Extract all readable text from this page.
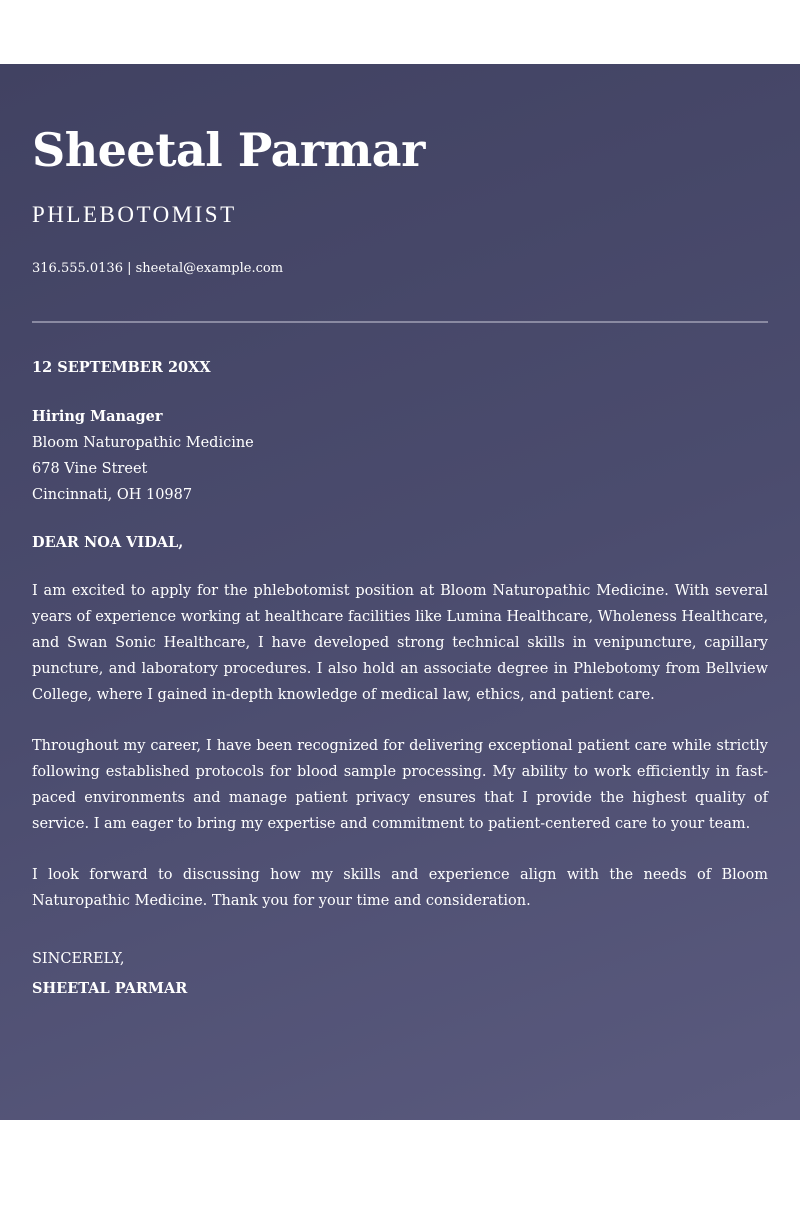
Sheetal Parmar
PHLEBOTOMIST
316.555.0136 | sheetal@example.com
12 SEPTEMBER 20XX
Hiring Manager
Bloom Naturopathic Medicine
678 Vine Street
Cincinnati, OH 10987
DEAR NOA VIDAL,

I am excited to apply for the phlebotomist position at Bloom Naturopathic Medicine. With several years of experience working at healthcare facilities like Lumina Healthcare, Wholeness Healthcare, and Swan Sonic Healthcare, I have developed strong technical skills in venipuncture, capillary puncture, and laboratory procedures. I also hold an associate degree in Phlebotomy from Bellview College, where I gained in-depth knowledge of medical law, ethics, and patient care.

Throughout my career, I have been recognized for delivering exceptional patient care while strictly following established protocols for blood sample processing. My ability to work efficiently in fast-paced environments and manage patient privacy ensures that I provide the highest quality of service. I am eager to bring my expertise and commitment to patient-centered care to your team.

I look forward to discussing how my skills and experience align with the needs of Bloom Naturopathic Medicine. Thank you for your time and consideration.

SINCERELY,
SHEETAL PARMAR
